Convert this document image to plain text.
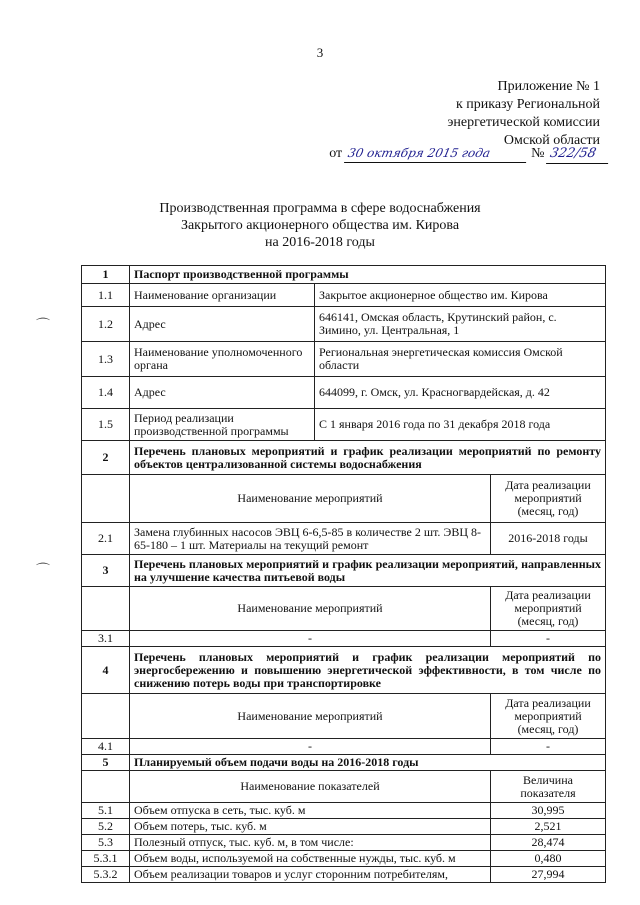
3
Приложение № 1
к приказу Региональной
энергетической комиссии
Омской области
от 30 октября 2015 года	№ 322/58
Производственная программа в сфере водоснабжения
Закрытого акционерного общества им. Кирова
на 2016-2018 годы
⌒
⌒
1	Паспорт производственной программы		
1.1	Наименование организации	Закрытое акционерное общество им. Кирова	
1.2	Адрес	646141, Омская область, Крутинский район, с. Зимино, ул. Центральная, 1	
1.3	Наименование уполномоченного органа	Региональная энергетическая комиссия Омской области	
1.4	Адрес	644099, г. Омск, ул. Красногвардейская, д. 42	
1.5	Период реализации производственной программы	С 1 января 2016 года по 31 декабря 2018 года	
2	Перечень плановых мероприятий и график реализации мероприятий по ремонту объектов централизованной системы водоснабжения		
	Наименование мероприятий		Дата реализации мероприятий (месяц, год)
2.1	Замена глубинных насосов ЭВЦ 6-6,5-85 в количестве 2 шт. ЭВЦ 8-65-180 – 1 шт. Материалы на текущий ремонт		2016-2018 годы
3	Перечень плановых мероприятий и график реализации мероприятий, направленных на улучшение качества питьевой воды		
	Наименование мероприятий		Дата реализации мероприятий (месяц, год)
3.1	-		-
4	Перечень плановых мероприятий и график реализации мероприятий по энергосбережению и повышению энергетической эффективности, в том числе по снижению потерь воды при транспортировке		
	Наименование мероприятий		Дата реализации мероприятий (месяц, год)
4.1	-		-
5	Планируемый объем подачи воды на 2016-2018 годы		
	Наименование показателей		Величина показателя
5.1	Объем отпуска в сеть, тыс. куб. м		30,995
5.2	Объем потерь, тыс. куб. м		2,521
5.3	Полезный отпуск, тыс. куб. м, в том числе:		28,474
5.3.1	Объем воды, используемой на собственные нужды, тыс. куб. м		0,480
5.3.2	Объем реализации товаров и услуг сторонним потребителям,		27,994
